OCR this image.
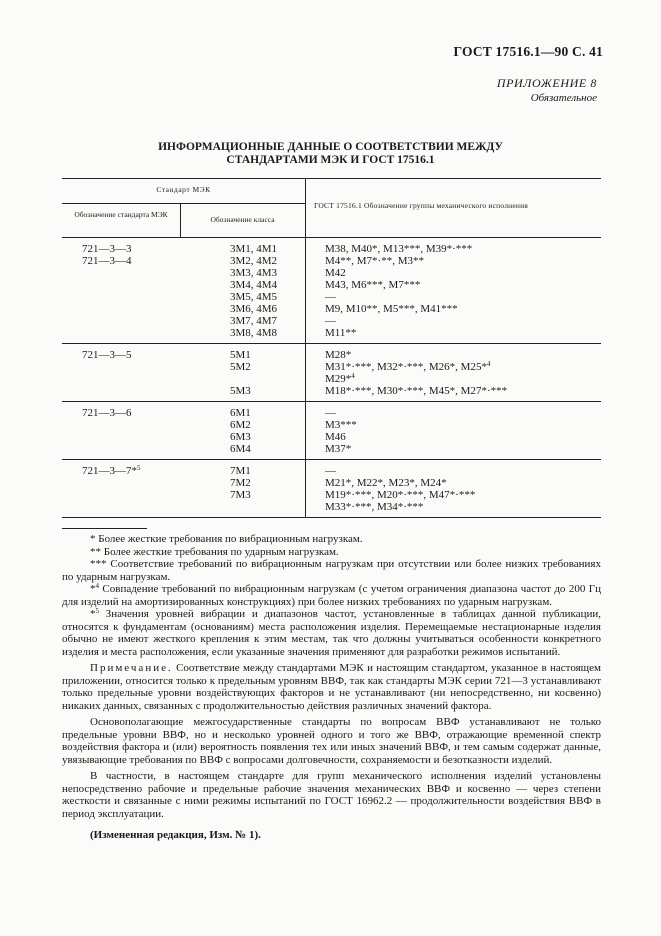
ГОСТ 17516.1—90 С. 41
ПРИЛОЖЕНИЕ 8
Обязательное
ИНФОРМАЦИОННЫЕ ДАННЫЕ О СООТВЕТСТВИИ МЕЖДУ
СТАНДАРТАМИ МЭК И ГОСТ 17516.1
Стандарт МЭК
Обозначение стандарта МЭК
Обозначение класса
ГОСТ 17516.1 Обозначение группы механического исполнения
721—3—3	3М1, 4М1	М38, М40*, М13***, М39*·***
721—3—4	3М2, 4М2	М4**, М7*·**, М3**
3М3, 4М3	М42
3М4, 4М4	М43, М6***, М7***
3М5, 4М5	—
3М6, 4М6	М9, М10**, М5***, М41***
3М7, 4М7	—
3М8, 4М8	М11**
721—3—5	5М1	М28*
5М2	М31*·***, М32*·***, М26*, М25*$^4$
М29*$^4$
5М3	М18*·***, М30*·***, М45*, М27*·***
721—3—6	6М1	—
6М2	М3***
6М3	М46
6М4	М37*
721—3—7*$^5$	7М1	—
7М2	М21*, М22*, М23*, М24*
7М3	М19*·***, М20*·***, М47*·***
М33*·***, М34*·***

* Более жесткие требования по вибрационным нагрузкам.

** Более жесткие требования по ударным нагрузкам.

*** Соответствие требований по вибрационным нагрузкам при отсутствии или более низких требованиях по ударным нагрузкам.

*$^4$ Совпадение требований по вибрационным нагрузкам (с учетом ограничения диапазона частот до 200 Гц для изделий на амортизированных конструкциях) при более низких требованиях по ударным нагрузкам.

*$^5$ Значения уровней вибрации и диапазонов частот, установленные в таблицах данной публикации, относятся к фундаментам (основаниям) места расположения изделия. Перемещаемые нестационарные изделия обычно не имеют жесткого крепления к этим местам, так что должны учитываться особенности конкретного изделия и места расположения, если указанные значения применяют для разработки режимов испытаний.

Примечание. Соответствие между стандартами МЭК и настоящим стандартом, указанное в настоящем приложении, относится только к предельным уровням ВВФ, так как стандарты МЭК серии 721—3 устанавливают только предельные уровни воздействующих факторов и не устанавливают (ни непосредственно, ни косвенно) никаких данных, связанных с продолжительностью действия различных значений фактора.

Основополагающие межгосударственные стандарты по вопросам ВВФ устанавливают не только предельные уровни ВВФ, но и несколько уровней одного и того же ВВФ, отражающие временной спектр воздействия фактора и (или) вероятность появления тех или иных значений ВВФ, и тем самым содержат данные, увязывающие требования по ВВФ с вопросами долговечности, сохраняемости и безотказности изделий.

В частности, в настоящем стандарте для групп механического исполнения изделий установлены непосредственно рабочие и предельные рабочие значения механических ВВФ и косвенно — через степени жесткости и связанные с ними режимы испытаний по ГОСТ 16962.2 — продолжительности воздействия ВВФ в период эксплуатации.

(Измененная редакция, Изм. № 1).
